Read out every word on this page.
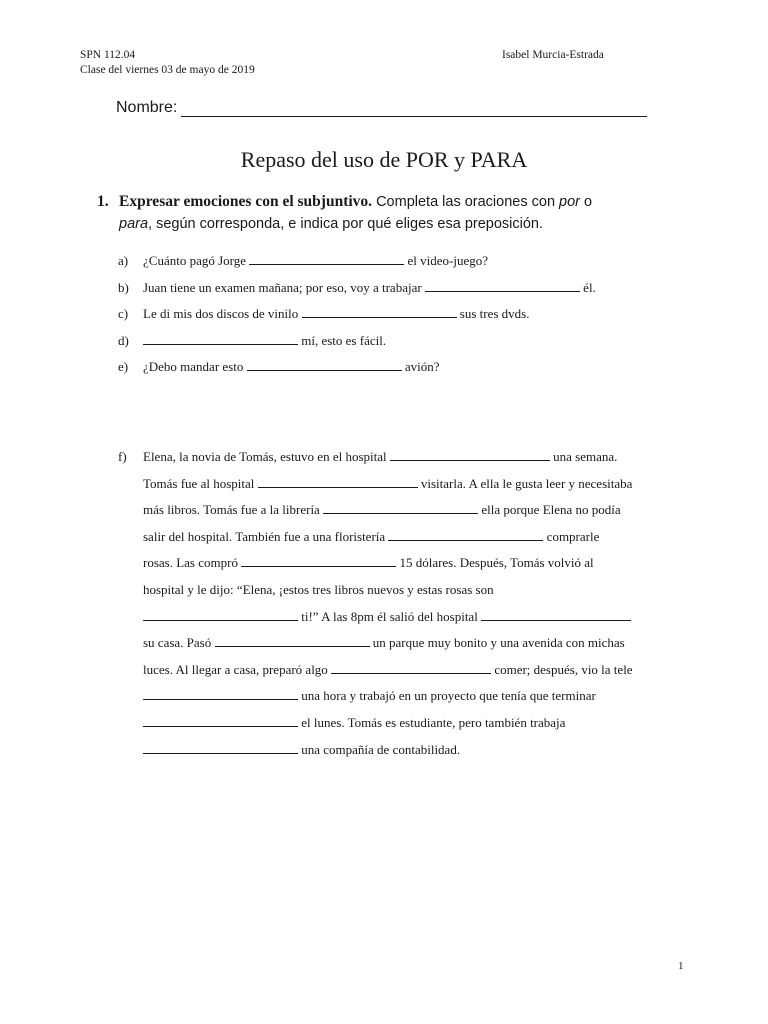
SPN 112.04
Clase del viernes 03 de mayo de 2019
Isabel Murcia-Estrada
Nombre:
Repaso del uso de POR y PARA
1. Expresar emociones con el subjuntivo. Completa las oraciones con por o
para, según corresponda, e indica por qué eliges esa preposición.
a) ¿Cuánto pagó Jorge	el video-juego?
b) Juan tiene un examen mañana; por eso, voy a trabajar	él.
c) Le di mis dos discos de vinilo	sus tres dvds.
d)	mí, esto es fácil.
e) ¿Debo mandar esto	avión?
f) Elena, la novia de Tomás, estuvo en el hospital	una semana.
Tomás fue al hospital	visitarla. A ella le gusta leer y necesitaba
más libros. Tomás fue a la librería	ella porque Elena no podía
salir del hospital. También fue a una floristería	comprarle
rosas. Las compró	15 dólares. Después, Tomás volvió al
hospital y le dijo: “Elena, ¡estos tres libros nuevos y estas rosas son
ti!” A las 8pm él salió del hospital
su casa. Pasó	un parque muy bonito y una avenida con michas
luces. Al llegar a casa, preparó algo	comer; después, vio la tele
una hora y trabajó en un proyecto que tenía que terminar
el lunes. Tomás es estudiante, pero también trabaja
una compañía de contabilidad.
1
